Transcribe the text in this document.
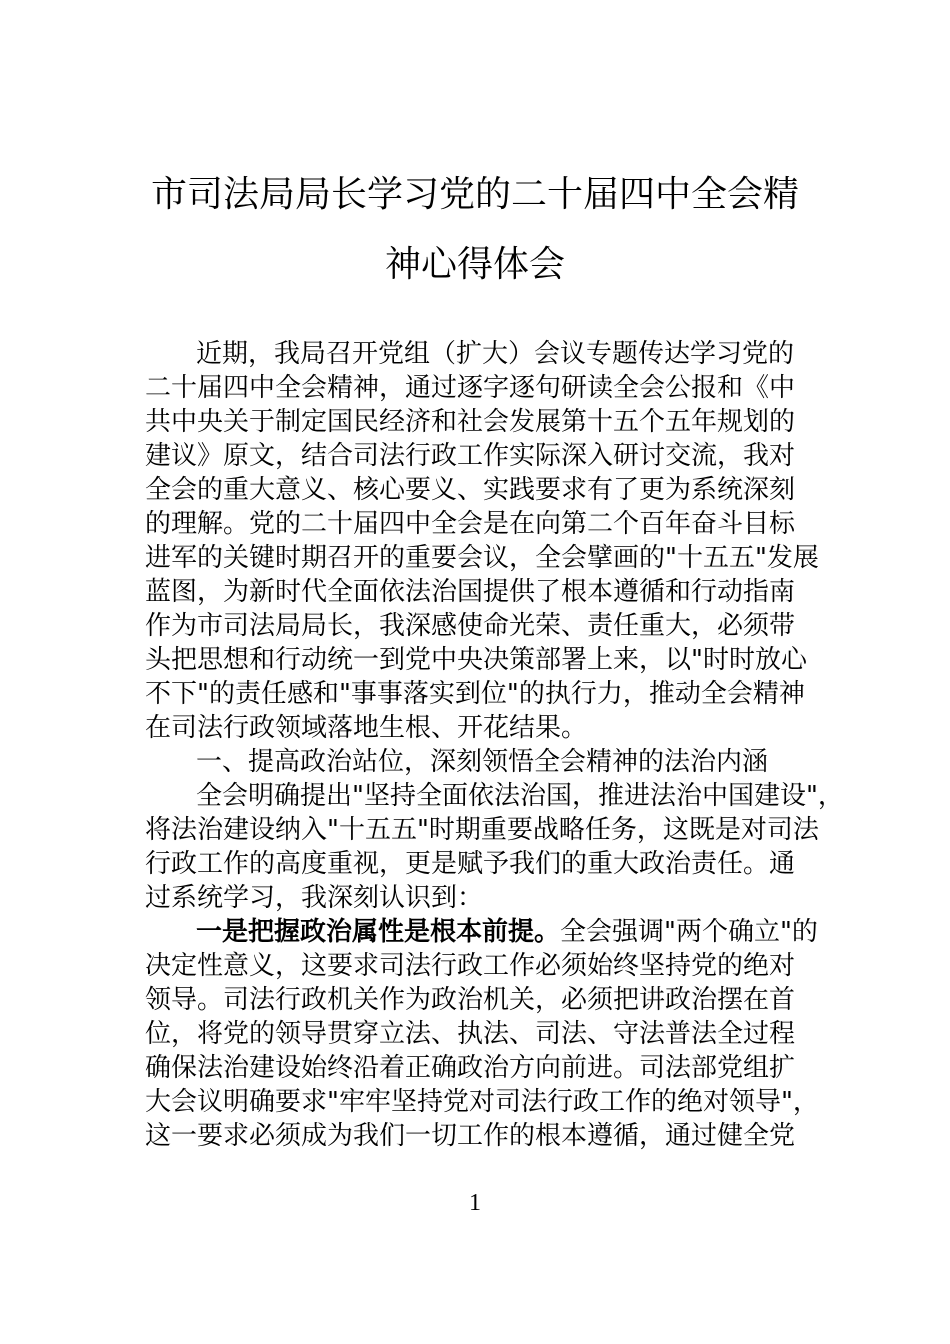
市司法局局长学习党的二十届四中全会精
神心得体会

近期，我局召开党组（扩大）会议专题传达学习党的

二十届四中全会精神，通过逐字逐句研读全会公报和《中

共中央关于制定国民经济和社会发展第十五个五年规划的

建议》原文，结合司法行政工作实际深入研讨交流，我对

全会的重大意义、核心要义、实践要求有了更为系统深刻

的理解。党的二十届四中全会是在向第二个百年奋斗目标

进军的关键时期召开的重要会议，全会擘画的"十五五"发展

蓝图，为新时代全面依法治国提供了根本遵循和行动指南

作为市司法局局长，我深感使命光荣、责任重大，必须带

头把思想和行动统一到党中央决策部署上来，以"时时放心

不下"的责任感和"事事落实到位"的执行力，推动全会精神

在司法行政领域落地生根、开花结果。

一、提高政治站位，深刻领悟全会精神的法治内涵

全会明确提出"坚持全面依法治国，推进法治中国建设"，

将法治建设纳入"十五五"时期重要战略任务，这既是对司法

行政工作的高度重视，更是赋予我们的重大政治责任。通

过系统学习，我深刻认识到：

一是把握政治属性是根本前提。全会强调"两个确立"的

决定性意义，这要求司法行政工作必须始终坚持党的绝对

领导。司法行政机关作为政治机关，必须把讲政治摆在首

位，将党的领导贯穿立法、执法、司法、守法普法全过程

确保法治建设始终沿着正确政治方向前进。司法部党组扩

大会议明确要求"牢牢坚持党对司法行政工作的绝对领导"，

这一要求必须成为我们一切工作的根本遵循，通过健全党

1
